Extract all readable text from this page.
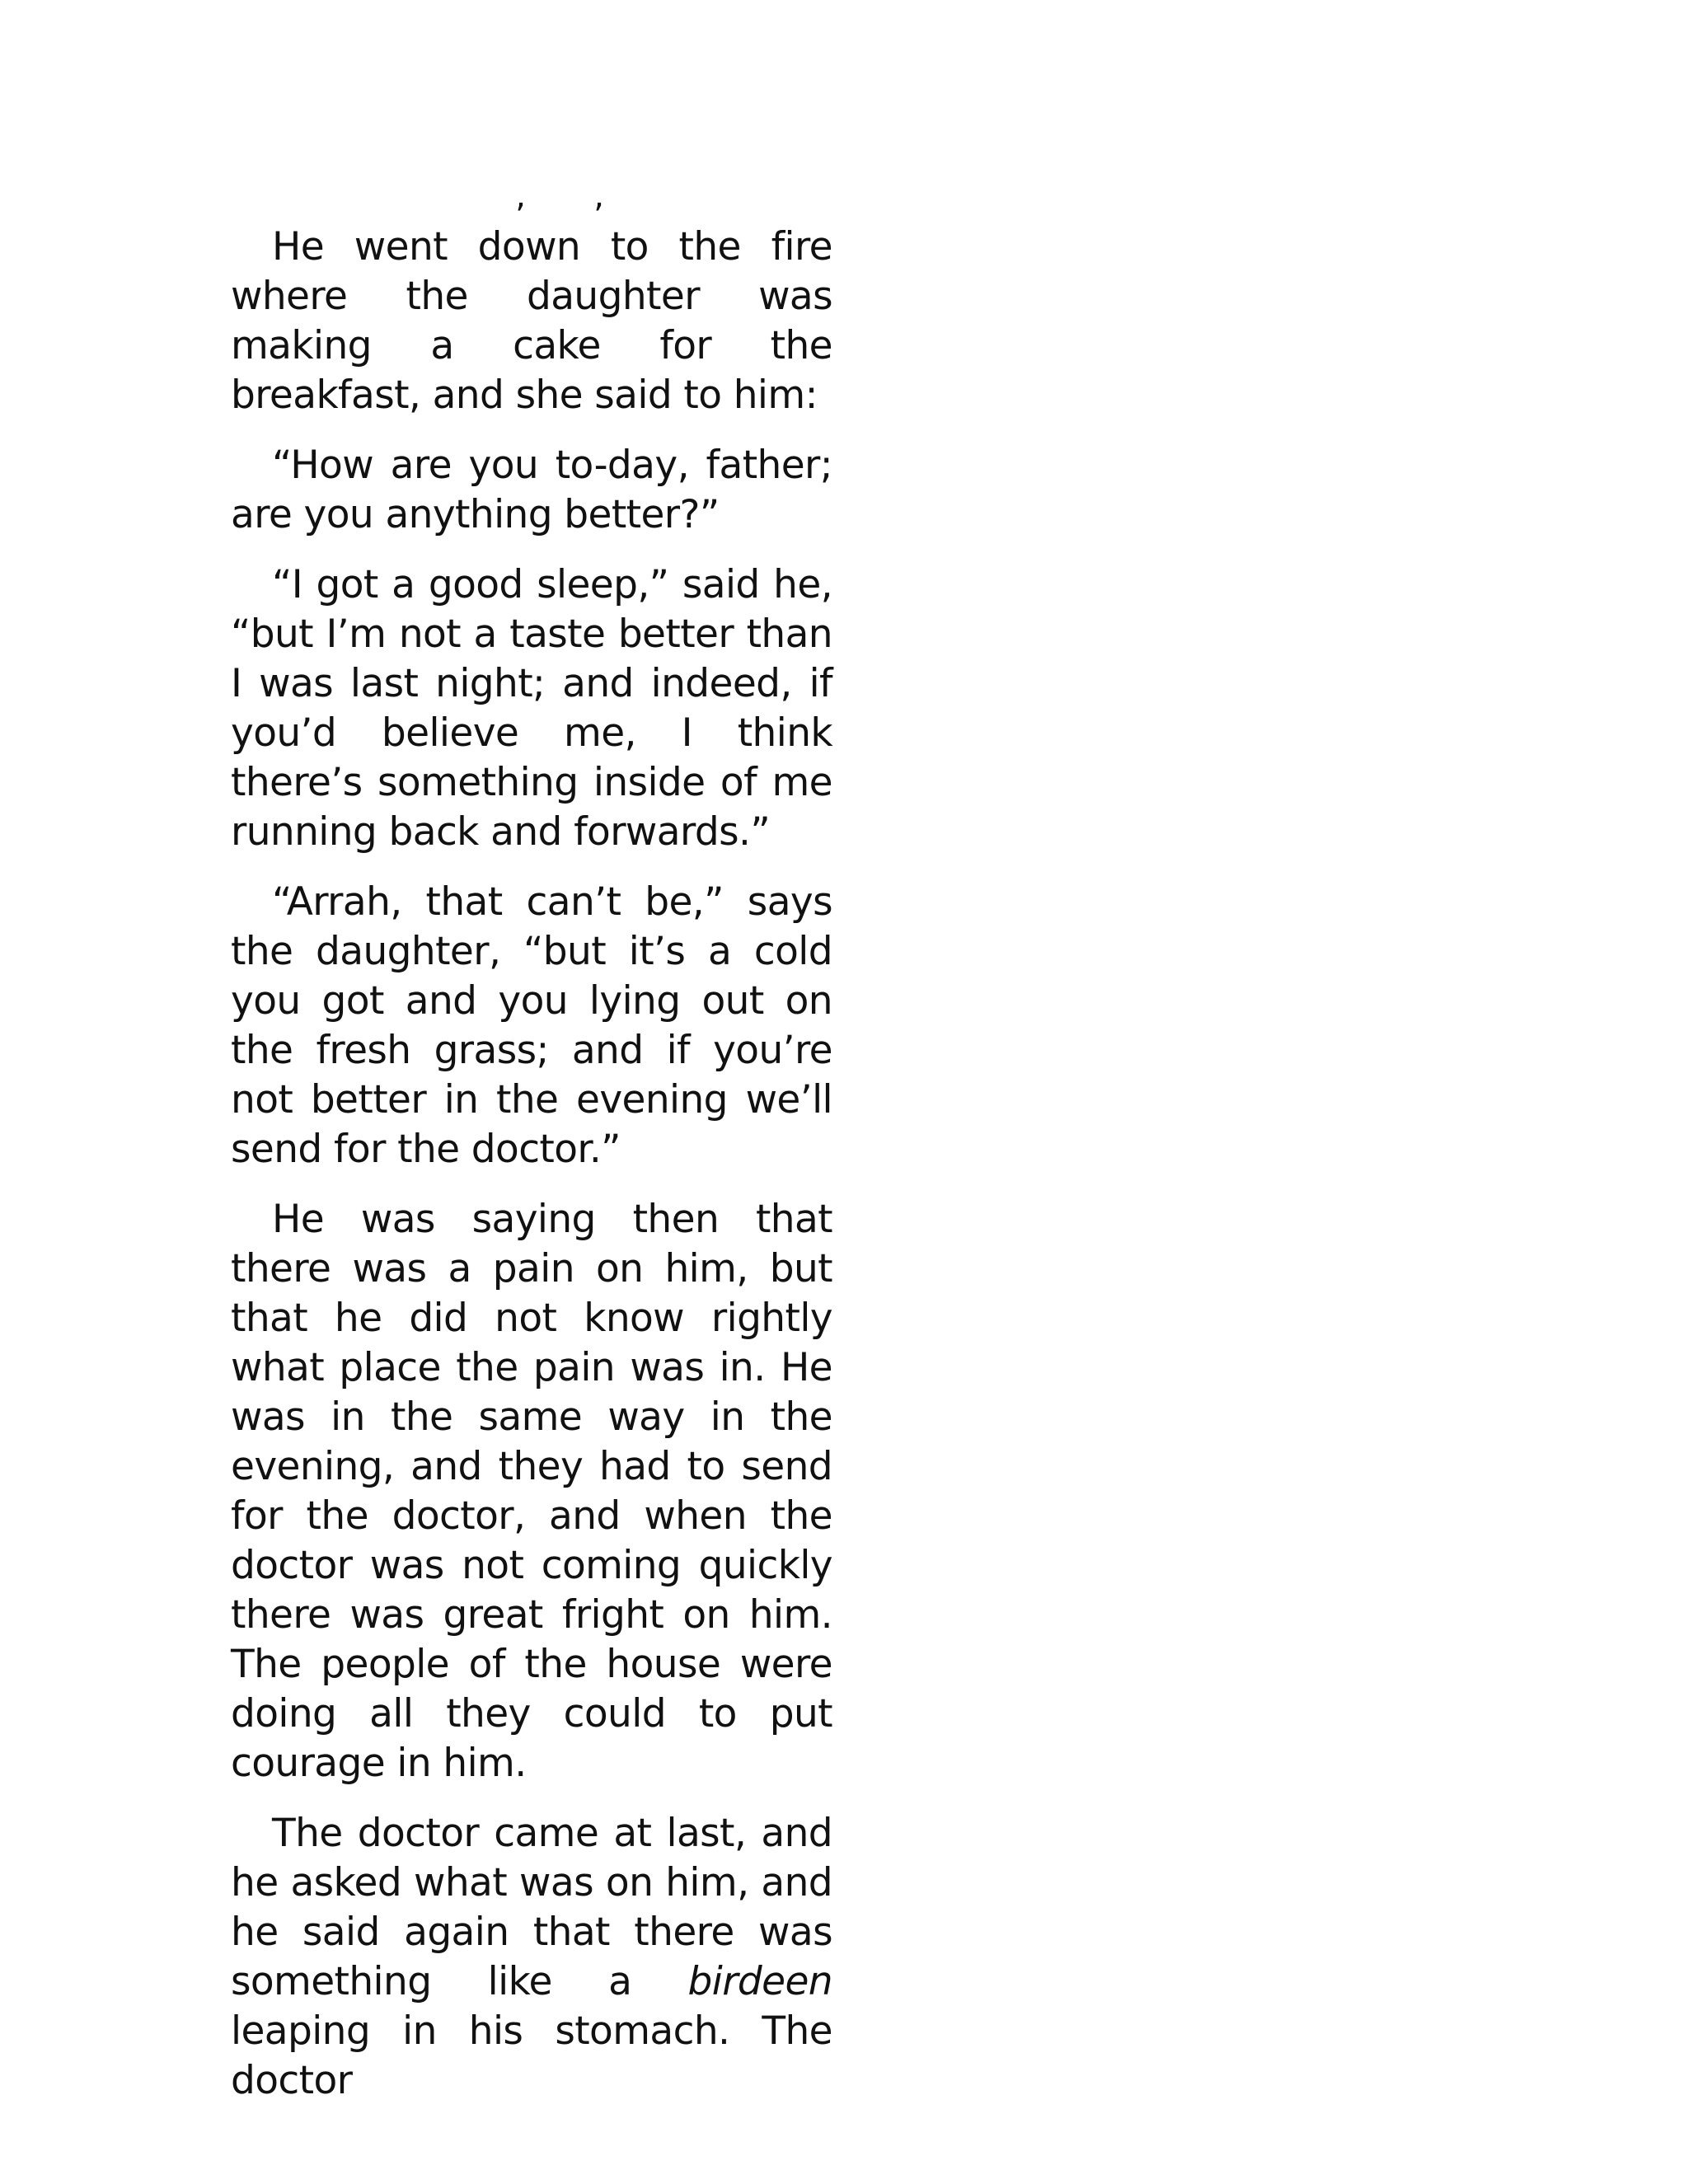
‚ ‚

He went down to the fire where the daughter was making a cake for the breakfast, and she said to him:

“How are you to-day, father; are you anything better?”

“I got a good sleep,” said he, “but I’m not a taste better than I was last night; and indeed, if you’d believe me, I think there’s something inside of me running back and forwards.”

“Arrah, that can’t be,” says the daughter, “but it’s a cold you got and you lying out on the fresh grass; and if you’re not better in the evening we’ll send for the doctor.”

He was saying then that there was a pain on him, but that he did not know rightly what place the pain was in. He was in the same way in the evening, and they had to send for the doctor, and when the doctor was not coming quickly there was great fright on him. The people of the house were doing all they could to put courage in him.

The doctor came at last, and he asked what was on him, and he said again that there was something like a birdeen leaping in his stomach. The doctor
